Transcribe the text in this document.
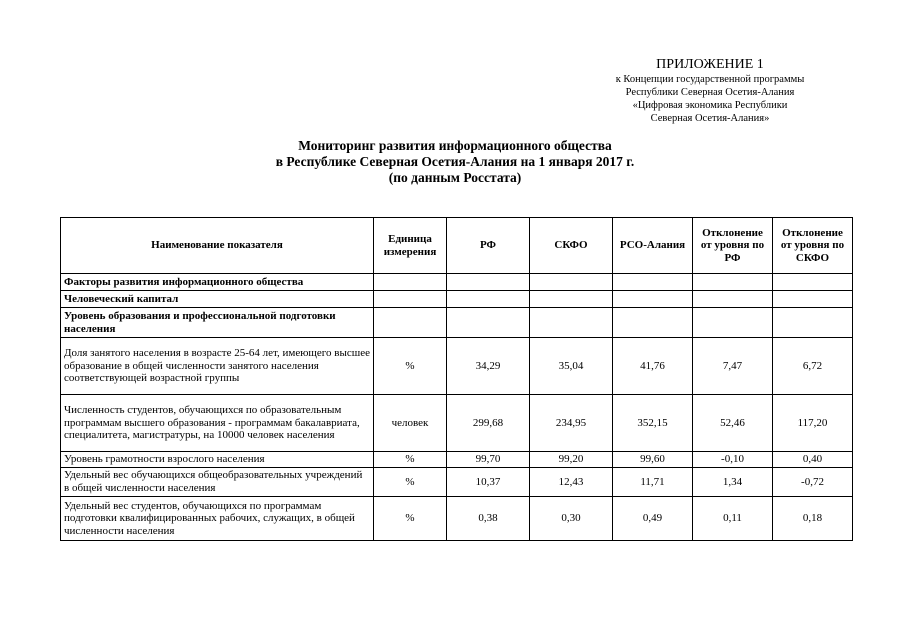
ПРИЛОЖЕНИЕ 1
к Концепции государственной программы
Республики Северная Осетия-Алания
«Цифровая экономика Республики
Северная Осетия-Алания»
Мониторинг развития информационного общества
в Республике Северная Осетия-Алания на 1 января 2017 г.
(по данным Росстата)
Наименование показателя	Единица измерения	РФ	СКФО	РСО-Алания	Отклонение от уровня по РФ	Отклонение от уровня по СКФО
Факторы развития информационного общества						
Человеческий капитал						
Уровень образования и профессиональной подготовки населения						
Доля занятого населения в возрасте 25-64 лет, имеющего высшее образование в общей численности занятого населения соответствующей возрастной группы	%	34,29	35,04	41,76	7,47	6,72
Численность студентов, обучающихся по образовательным программам высшего образования - программам бакалавриата, специалитета, магистратуры, на 10000 человек населения	человек	299,68	234,95	352,15	52,46	117,20
Уровень грамотности взрослого населения	%	99,70	99,20	99,60	-0,10	0,40
Удельный вес обучающихся общеобразовательных учреждений в общей численности населения	%	10,37	12,43	11,71	1,34	-0,72
Удельный вес студентов, обучающихся по программам подготовки квалифицированных рабочих, служащих, в общей численности населения	%	0,38	0,30	0,49	0,11	0,18
